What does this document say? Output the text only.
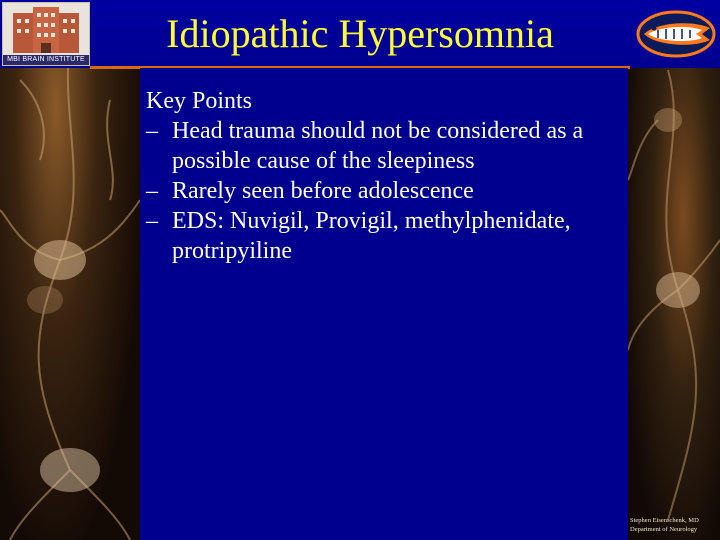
MBI BRAIN INSTITUTE
Idiopathic Hypersomnia

Key Points

– Head trauma should not be considered as a possible cause of the sleepiness
– Rarely seen before adolescence
– EDS: Nuvigil, Provigil, methylphenidate, protripyiline
Stephen Eisenschenk, MD
Department of Neurology
